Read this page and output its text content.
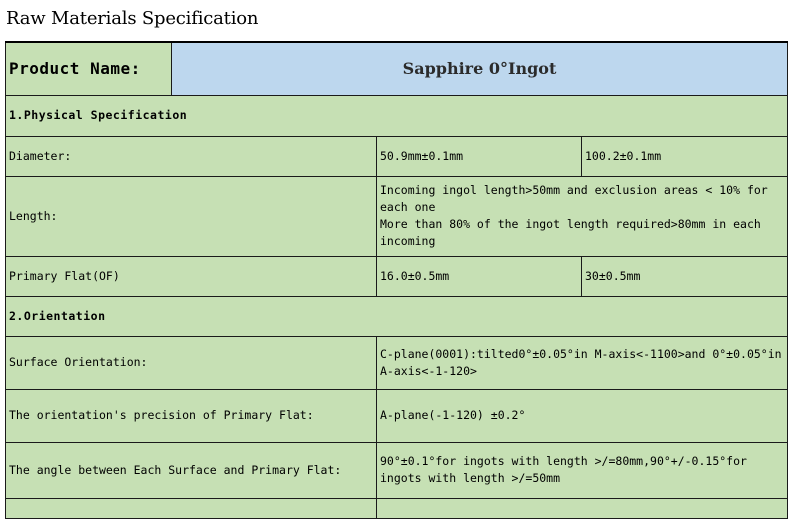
Raw Materials Specification
Product Name:	Sapphire 0°Ingot		
1.Physical Specification			
Diameter:		50.9mm±0.1mm	100.2±0.1mm
Length:		Incoming ingol length>50mm and exclusion areas < 10% for each one
More than 80% of the ingot length required>80mm in each incoming	
Primary Flat(OF)		16.0±0.5mm	30±0.5mm
2.Orientation			
Surface Orientation:		C-plane(0001):tilted0°±0.05°in M-axis<-1100>and 0°±0.05°in A-axis<-1-120>	
The orientation's precision of Primary Flat:		A-plane(-1-120) ±0.2°	
The angle between Each Surface and Primary Flat:		90°±0.1°for ingots with length >/=80mm,90°+/-0.15°for ingots with length >/=50mm	
